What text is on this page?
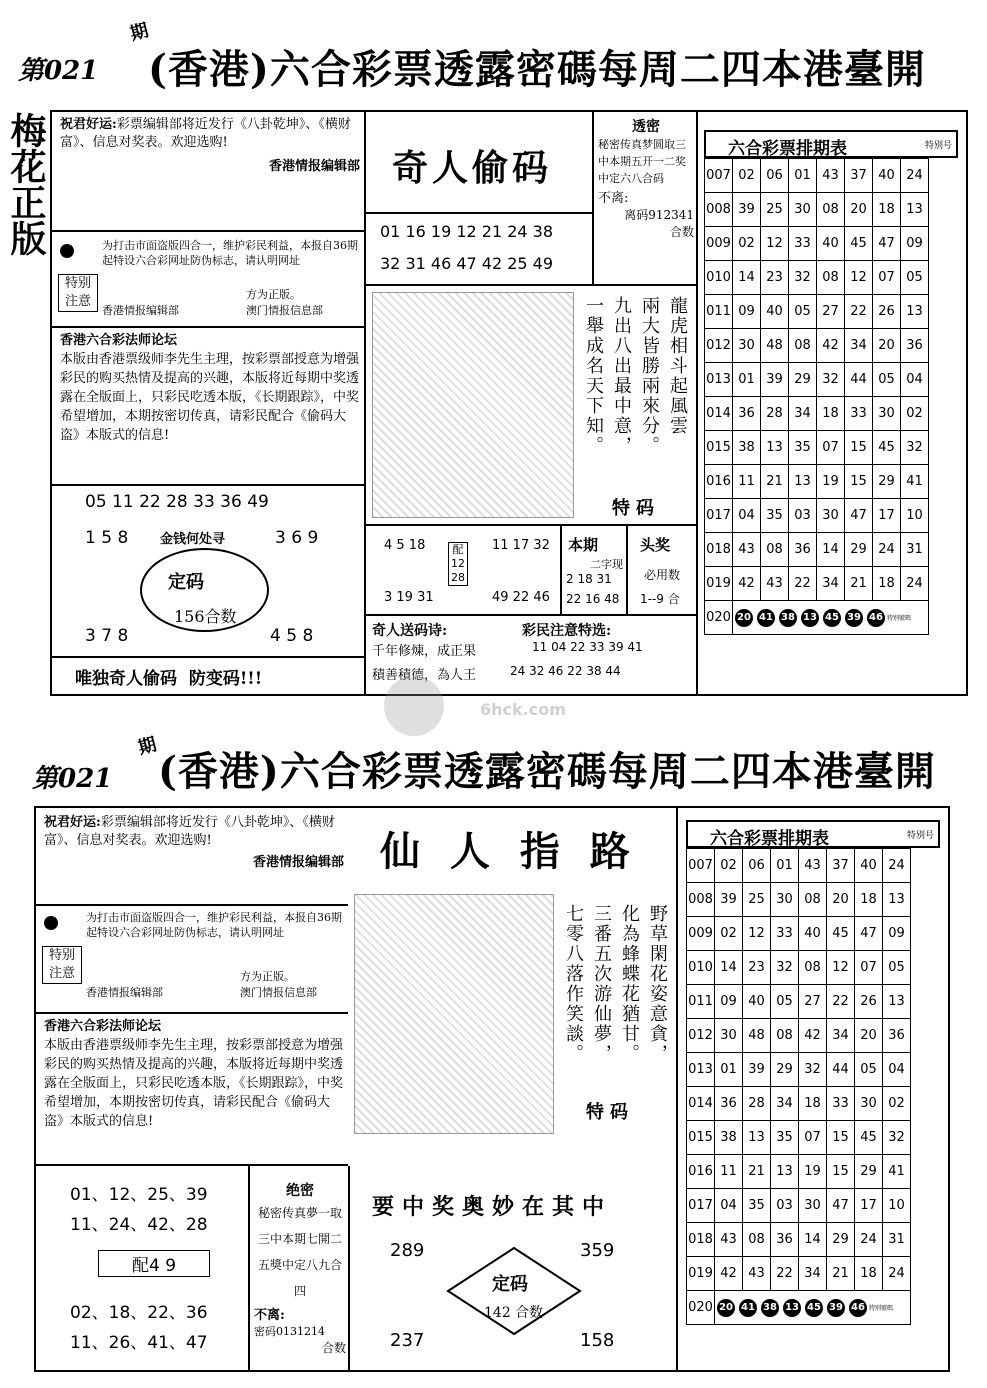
第021
期
(香港)六合彩票透露密碼每周二四本港臺開
梅花正版 祝君好运:彩票编辑部将近发行《八卦乾坤》、《横财富》、信息对奖表。欢迎选购!
香港情报编辑部
特别注意
为打击市面盗版四合一，维护彩民利益，本报自36期起特设六合彩网址防伪标志，请认明网址
方为正版。
香港情报编辑部	澳门情报信息部
香港六合彩法师论坛
本版由香港票级师李先生主理，按彩票部授意为增强彩民的购买热情及提高的兴趣，本版将近每期中奖透露在全版面上，只彩民吃透本版，《长期跟踪》，中奖希望增加，本期按密切传真，请彩民配合《偷码大盗》本版式的信息!
05 11 22 28 33 36 49
1 5 8	3 6 9
金钱何处寻
定码
156合数
3 7 8	4 5 8
唯独奇人偷码  防变码!!!
奇人偷码
01 16 19 12 21 24 38
32 31 46 47 42 25 49
透密
秘密传真梦圆取三中本期五开一二奖中定六八合码
不离:
离码912341
合数
龍虎相斗起風雲
兩大皆勝兩來分。
九出八出最中意，
一舉成名天下知。
特码
4 5 18
3 19 31
配
12
28
11 17 32
49 22 46
本期
二字现
2 18 31
22 16 48
头奖
必用数
1--9 合
奇人送码诗:
千年修煉，成正果
積善積德，為人王
彩民注意特选:
11 04 22 33 39 41
24 32 46 22 38 44
六合彩票排期表	特别号
007	02	06	01	43	37	40	24
008	39	25	30	08	20	18	13
009	02	12	33	40	45	47	09
010	14	23	32	08	12	07	05
011	09	40	05	27	22	26	13
012	30	48	08	42	34	20	36
013	01	39	29	32	44	05	04
014	36	28	34	18	33	30	02
015	38	13	35	07	15	45	32
016	11	21	13	19	15	29	41
017	04	35	03	30	47	17	10
018	43	08	36	14	29	24	31
019	42	43	22	34	21	18	24
020	20 41 38 13 45 39 46 特別號碼						
6hck.com
第021
期
(香港)六合彩票透露密碼每周二四本港臺開
祝君好运:彩票编辑部将近发行《八卦乾坤》、《横财富》、信息对奖表。欢迎选购!
香港情报编辑部
特别注意
为打击市面盗版四合一，维护彩民利益，本报自36期起特设六合彩网址防伪标志，请认明网址
方为正版。
香港情报编辑部	澳门情报信息部
香港六合彩法师论坛
本版由香港票级师李先生主理，按彩票部授意为增强彩民的购买热情及提高的兴趣，本版将近每期中奖透露在全版面上，只彩民吃透本版，《长期跟踪》，中奖希望增加，本期按密切传真，请彩民配合《偷码大盗》本版式的信息!
01、12、25、39
11、24、42、28
配4 9
02、18、22、36
11、26、41、47
绝密
秘密传真夢一取三中本期七開二五獎中定八九合四
不离:
密码0131214
合数
仙 人 指 路
野草閑花姿意貪，
化為蜂蝶花猶甘。
三番五次游仙夢，
七零八落作笑談。
特码
要中奖奥妙在其中
289	359
定码
142 合数
237	158
六合彩票排期表	特别号
007	02	06	01	43	37	40	24
008	39	25	30	08	20	18	13
009	02	12	33	40	45	47	09
010	14	23	32	08	12	07	05
011	09	40	05	27	22	26	13
012	30	48	08	42	34	20	36
013	01	39	29	32	44	05	04
014	36	28	34	18	33	30	02
015	38	13	35	07	15	45	32
016	11	21	13	19	15	29	41
017	04	35	03	30	47	17	10
018	43	08	36	14	29	24	31
019	42	43	22	34	21	18	24
020	20 41 38 13 45 39 46 特別號碼						
